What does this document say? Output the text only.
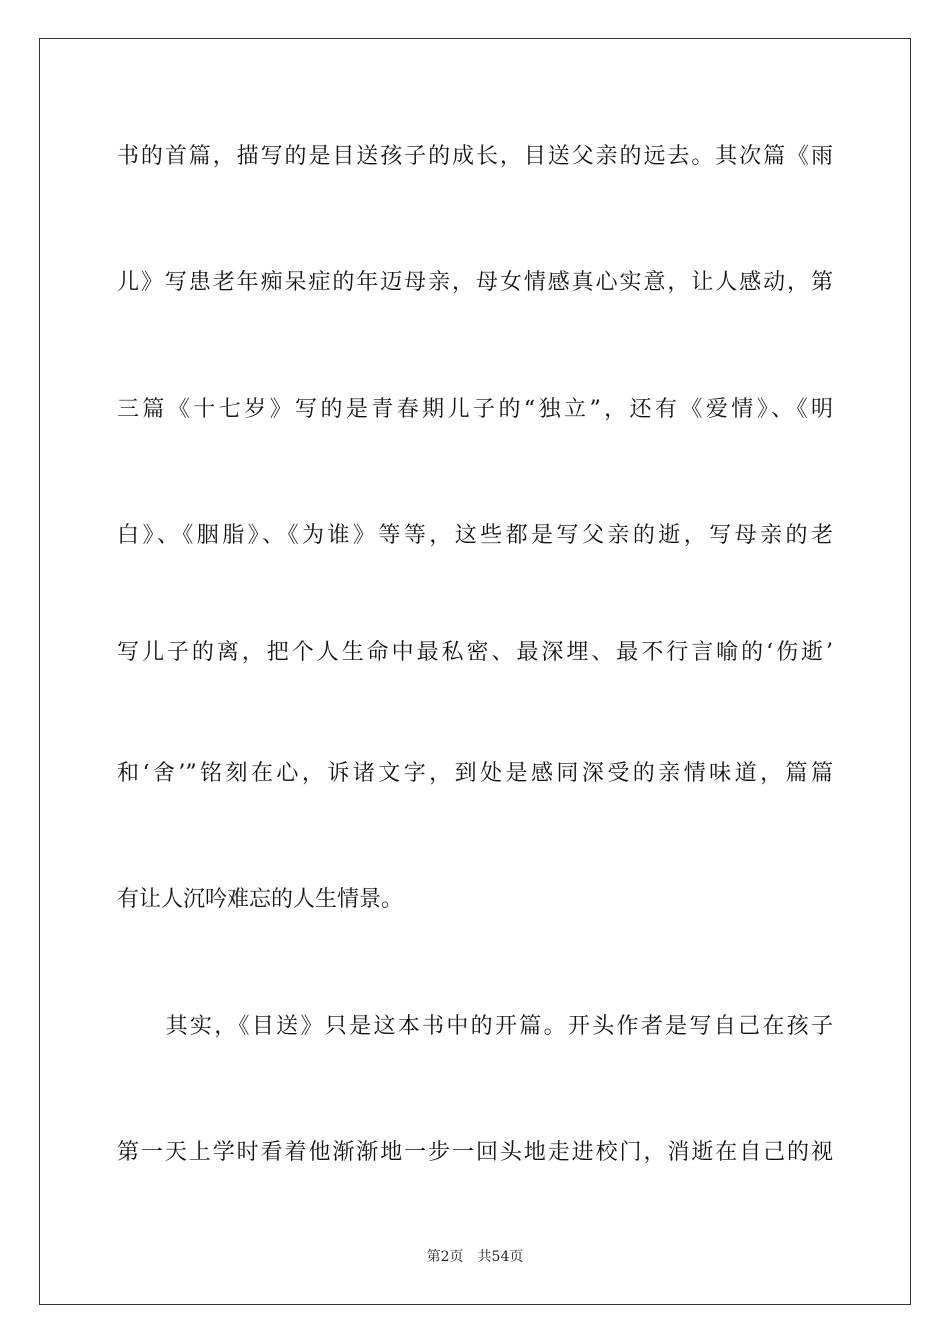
书的首篇，描写的是目送孩子的成长，目送父亲的远去。其次篇《雨
儿》写患老年痴呆症的年迈母亲，母女情感真心实意，让人感动，第
三篇《十七岁》写的是青春期儿子的“独立”，还有《爱情》、《明
白》、《胭脂》、《为谁》等等，这些都是写父亲的逝，写母亲的老
写儿子的离，把个人生命中最私密、最深埋、最不行言喻的‘伤逝’
和‘舍’”铭刻在心，诉诸文字，到处是感同深受的亲情味道，篇篇
有让人沉吟难忘的人生情景。
　　其实，《目送》只是这本书中的开篇。开头作者是写自己在孩子
第一天上学时看着他渐渐地一步一回头地走进校门，消逝在自己的视
第2页 共54页
